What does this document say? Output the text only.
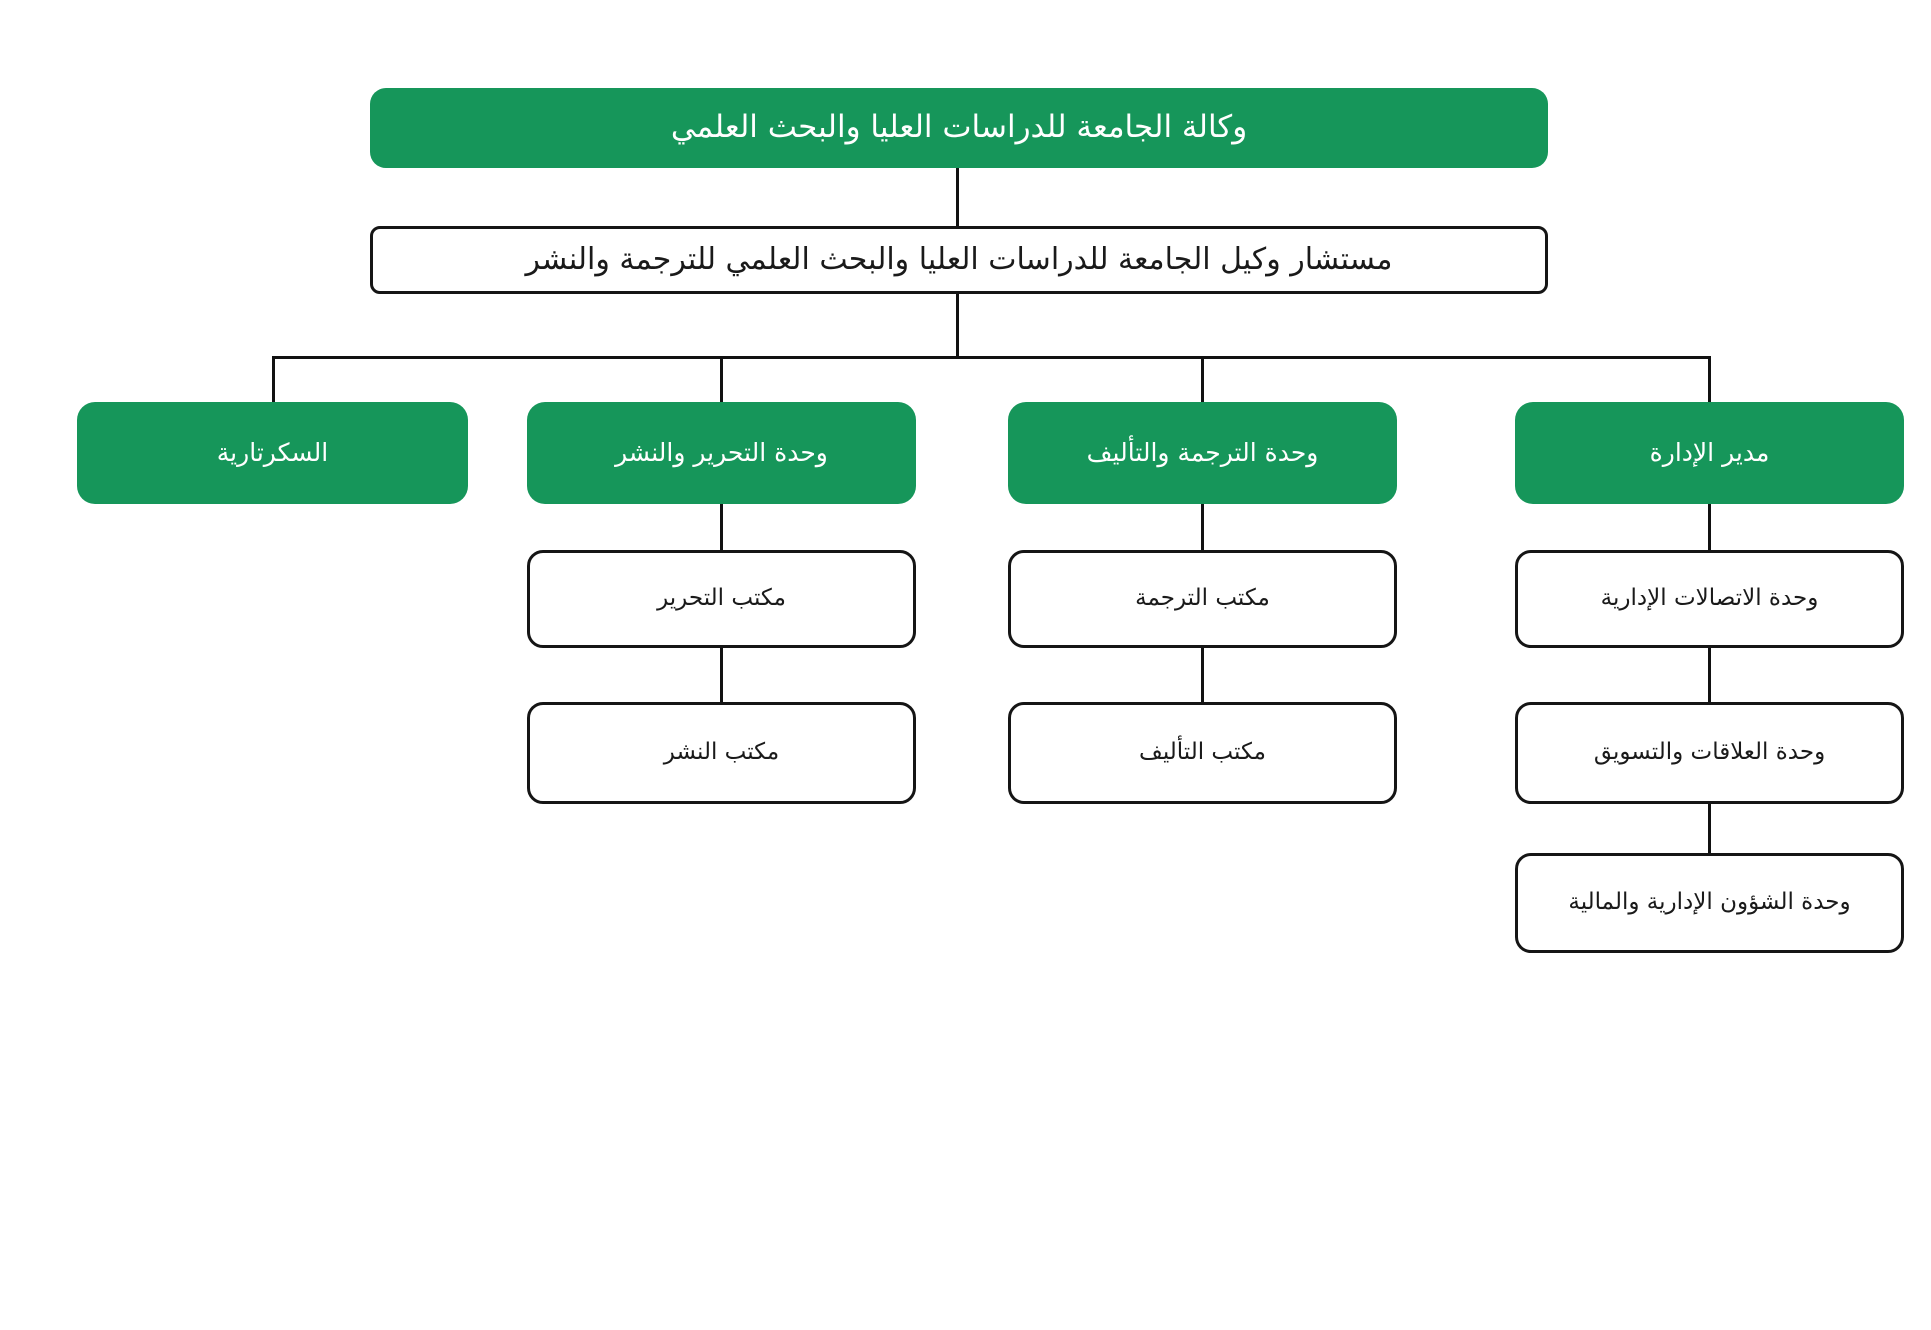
وكالة الجامعة للدراسات العليا والبحث العلمي
مستشار وكيل الجامعة للدراسات العليا والبحث العلمي للترجمة والنشر
السكرتارية	وحدة التحرير والنشر	وحدة الترجمة والتأليف	مدير الإدارة
مكتب التحرير
مكتب النشر
مكتب الترجمة
مكتب التأليف
وحدة الاتصالات الإدارية
وحدة العلاقات والتسويق
وحدة الشؤون الإدارية والمالية
